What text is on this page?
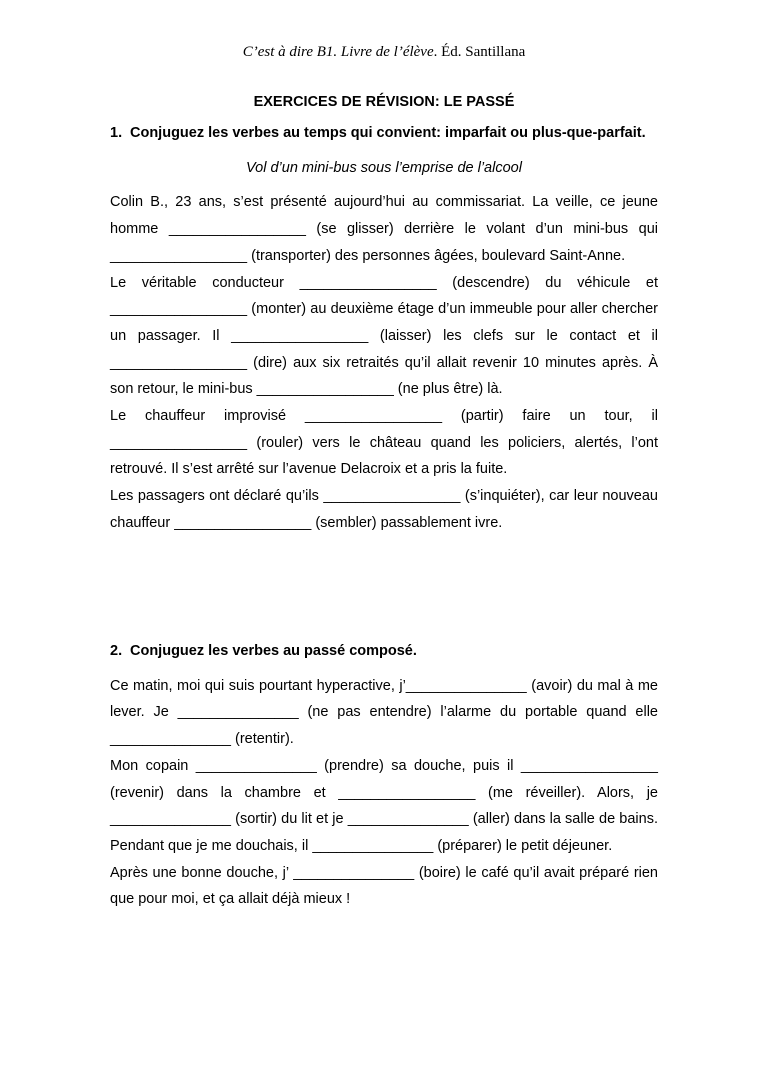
C’est à dire B1. Livre de l’élève. Éd. Santillana
EXERCICES DE RÉVISION: LE PASSÉ
1. Conjuguez les verbes au temps qui convient: imparfait ou plus-que-parfait.
Vol d’un mini-bus sous l’emprise de l’alcool

Colin B., 23 ans, s’est présenté aujourd’hui au commissariat. La veille, ce jeune homme _________________ (se glisser) derrière le volant d’un mini-bus qui _________________ (transporter) des personnes âgées, boulevard Saint-Anne.

Le véritable conducteur _________________ (descendre) du véhicule et _________________ (monter) au deuxième étage d’un immeuble pour aller chercher un passager. Il _________________ (laisser) les clefs sur le contact et il _________________ (dire) aux six retraités qu’il allait revenir 10 minutes après. À son retour, le mini-bus _________________ (ne plus être) là.

Le chauffeur improvisé _________________ (partir) faire un tour, il _________________ (rouler) vers le château quand les policiers, alertés, l’ont retrouvé. Il s’est arrêté sur l’avenue Delacroix et a pris la fuite.

Les passagers ont déclaré qu’ils _________________ (s’inquiéter), car leur nouveau chauffeur _________________ (sembler) passablement ivre.

2. Conjuguez les verbes au passé composé.

Ce matin, moi qui suis pourtant hyperactive, j’_______________ (avoir) du mal à me lever. Je _______________ (ne pas entendre) l’alarme du portable quand elle _______________ (retentir).

Mon copain _______________ (prendre) sa douche, puis il _________________ (revenir) dans la chambre et _________________ (me réveiller). Alors, je _______________ (sortir) du lit et je _______________ (aller) dans la salle de bains. Pendant que je me douchais, il _______________ (préparer) le petit déjeuner.

Après une bonne douche, j’ _______________ (boire) le café qu’il avait préparé rien que pour moi, et ça allait déjà mieux !
